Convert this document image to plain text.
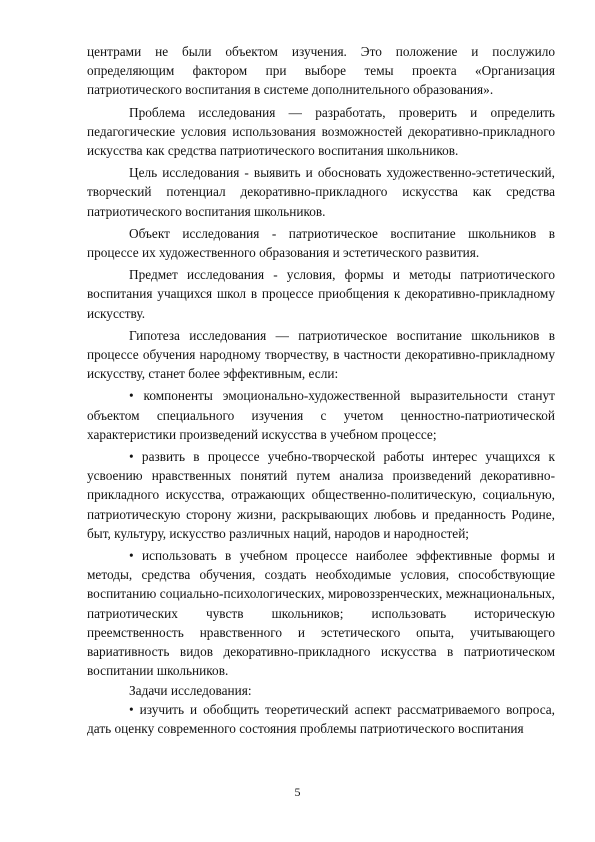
центрами не были объектом изучения. Это положение и послужило определяющим фактором при выборе темы проекта «Организация патриотического воспитания в системе дополнительного образования».

Проблема исследования — разработать, проверить и определить педагогические условия использования возможностей декоративно-прикладного искусства как средства патриотического воспитания школьников.

Цель исследования - выявить и обосновать художественно-эстетический, творческий потенциал декоративно-прикладного искусства как средства патриотического воспитания школьников.

Объект исследования - патриотическое воспитание школьников в процессе их художественного образования и эстетического развития.

Предмет исследования - условия, формы и методы патриотического воспитания учащихся школ в процессе приобщения к декоративно-прикладному искусству.

Гипотеза исследования — патриотическое воспитание школьников в процессе обучения народному творчеству, в частности декоративно-прикладному искусству, станет более эффективным, если:

• компоненты эмоционально-художественной выразительности станут объектом специального изучения с учетом ценностно-патриотической характеристики произведений искусства в учебном процессе;

• развить в процессе учебно-творческой работы интерес учащихся к усвоению нравственных понятий путем анализа произведений декоративно-прикладного искусства, отражающих общественно-политическую, социальную, патриотическую сторону жизни, раскрывающих любовь и преданность Родине, быт, культуру, искусство различных наций, народов и народностей;

• использовать в учебном процессе наиболее эффективные формы и методы, средства обучения, создать необходимые условия, способствующие воспитанию социально-психологических, мировоззренческих, межнациональных, патриотических чувств школьников; использовать историческую преемственность нравственного и эстетического опыта, учитывающего вариативность видов декоративно-прикладного искусства в патриотическом воспитании школьников.

Задачи исследования:

• изучить и обобщить теоретический аспект рассматриваемого вопроса, дать оценку современного состояния проблемы патриотического воспитания

5
